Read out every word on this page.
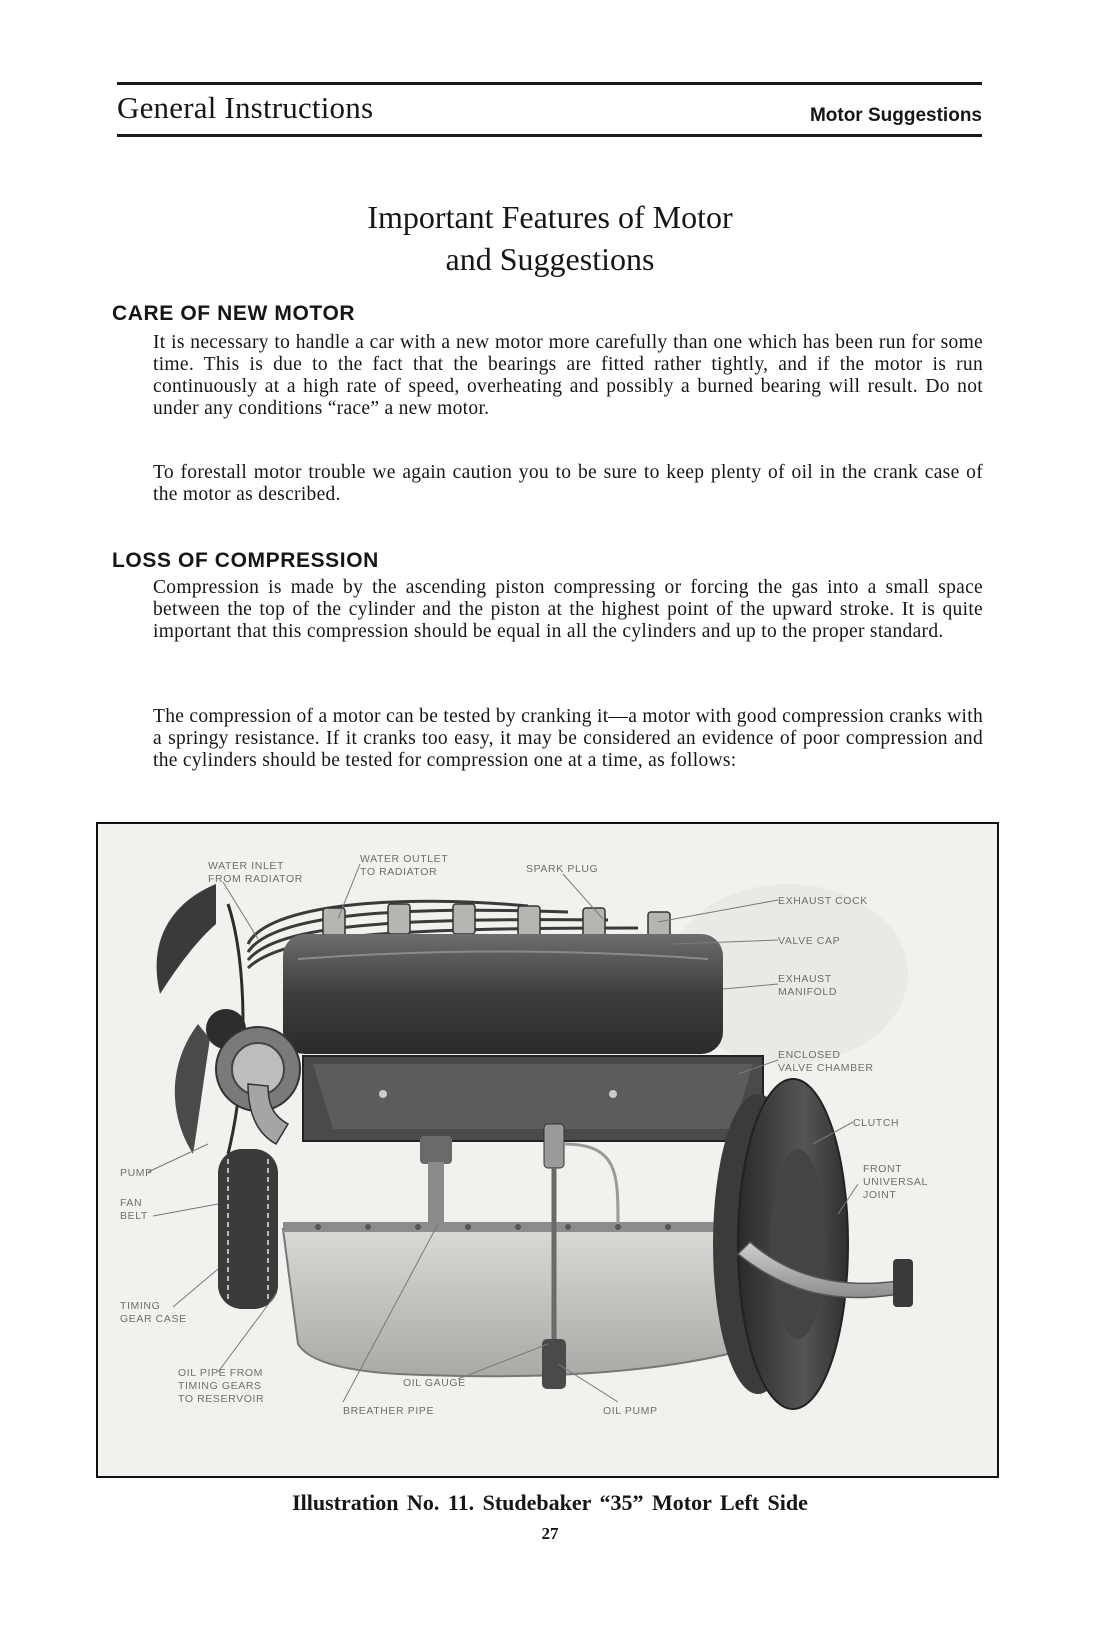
General Instructions	Motor Suggestions
Important Features of Motor
and Suggestions
CARE OF NEW MOTOR
It is necessary to handle a car with a new motor more carefully than one which has been run for some time. This is due to the fact that the bearings are fitted rather tightly, and if the motor is run continuously at a high rate of speed, overheating and possibly a burned bearing will result. Do not under any conditions “race” a new motor.
To forestall motor trouble we again caution you to be sure to keep plenty of oil in the crank case of the motor as described.
LOSS OF COMPRESSION
Compression is made by the ascending piston compressing or forcing the gas into a small space between the top of the cylinder and the piston at the highest point of the upward stroke. It is quite important that this compression should be equal in all the cylinders and up to the proper standard.
The compression of a motor can be tested by cranking it—a motor with good compression cranks with a springy resistance. If it cranks too easy, it may be considered an evidence of poor compression and the cylinders should be tested for compression one at a time, as follows:
WATER INLET
FROM RADIATOR
WATER OUTLET
TO RADIATOR	SPARK PLUG
EXHAUST COCK
VALVE CAP
EXHAUST
MANIFOLD
ENCLOSED
VALVE CHAMBER
CLUTCH
FRONT
UNIVERSAL
JOINT
PUMP
FAN
BELT
TIMING
GEAR CASE
OIL PIPE FROM
TIMING GEARS
TO RESERVOIR
OIL GAUGE
BREATHER PIPE	OIL PUMP
Illustration No. 11. Studebaker “35” Motor Left Side
27
